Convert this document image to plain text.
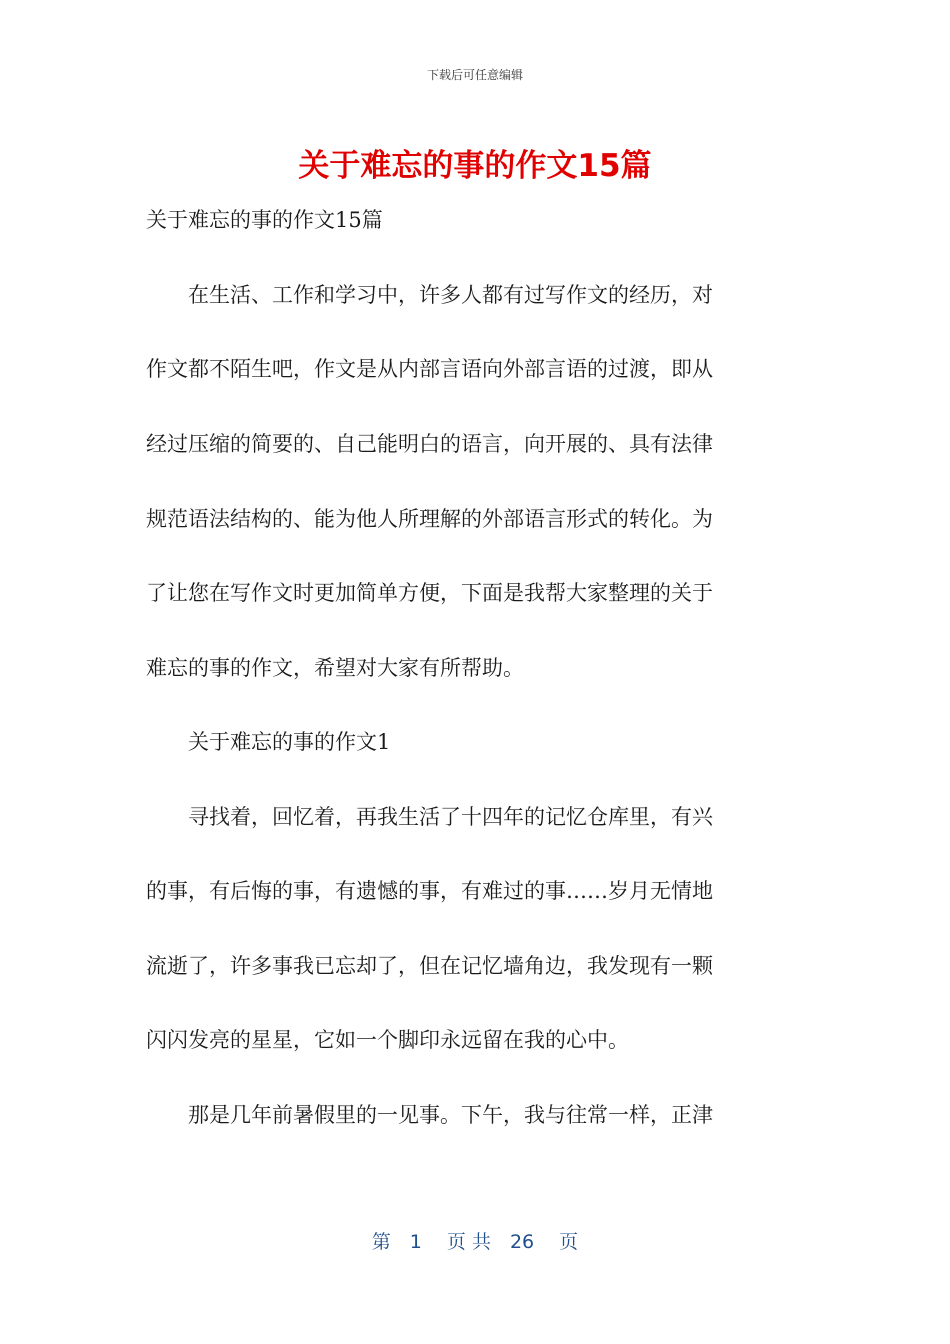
下载后可任意编辑
关于难忘的事的作文15篇

关于难忘的事的作文15篇

　　在生活、工作和学习中，许多人都有过写作文的经历，对

作文都不陌生吧，作文是从内部言语向外部言语的过渡，即从

经过压缩的简要的、自己能明白的语言，向开展的、具有法律

规范语法结构的、能为他人所理解的外部语言形式的转化。为

了让您在写作文时更加简单方便，下面是我帮大家整理的关于

难忘的事的作文，希望对大家有所帮助。

　　关于难忘的事的作文1

　　寻找着，回忆着，再我生活了十四年的记忆仓库里，有兴

的事，有后悔的事，有遗憾的事，有难过的事……岁月无情地

流逝了，许多事我已忘却了，但在记忆墙角边，我发现有一颗

闪闪发亮的星星，它如一个脚印永远留在我的心中。

　　那是几年前暑假里的一见事。下午，我与往常一样，正津

第　1　 页 共　26　 页
